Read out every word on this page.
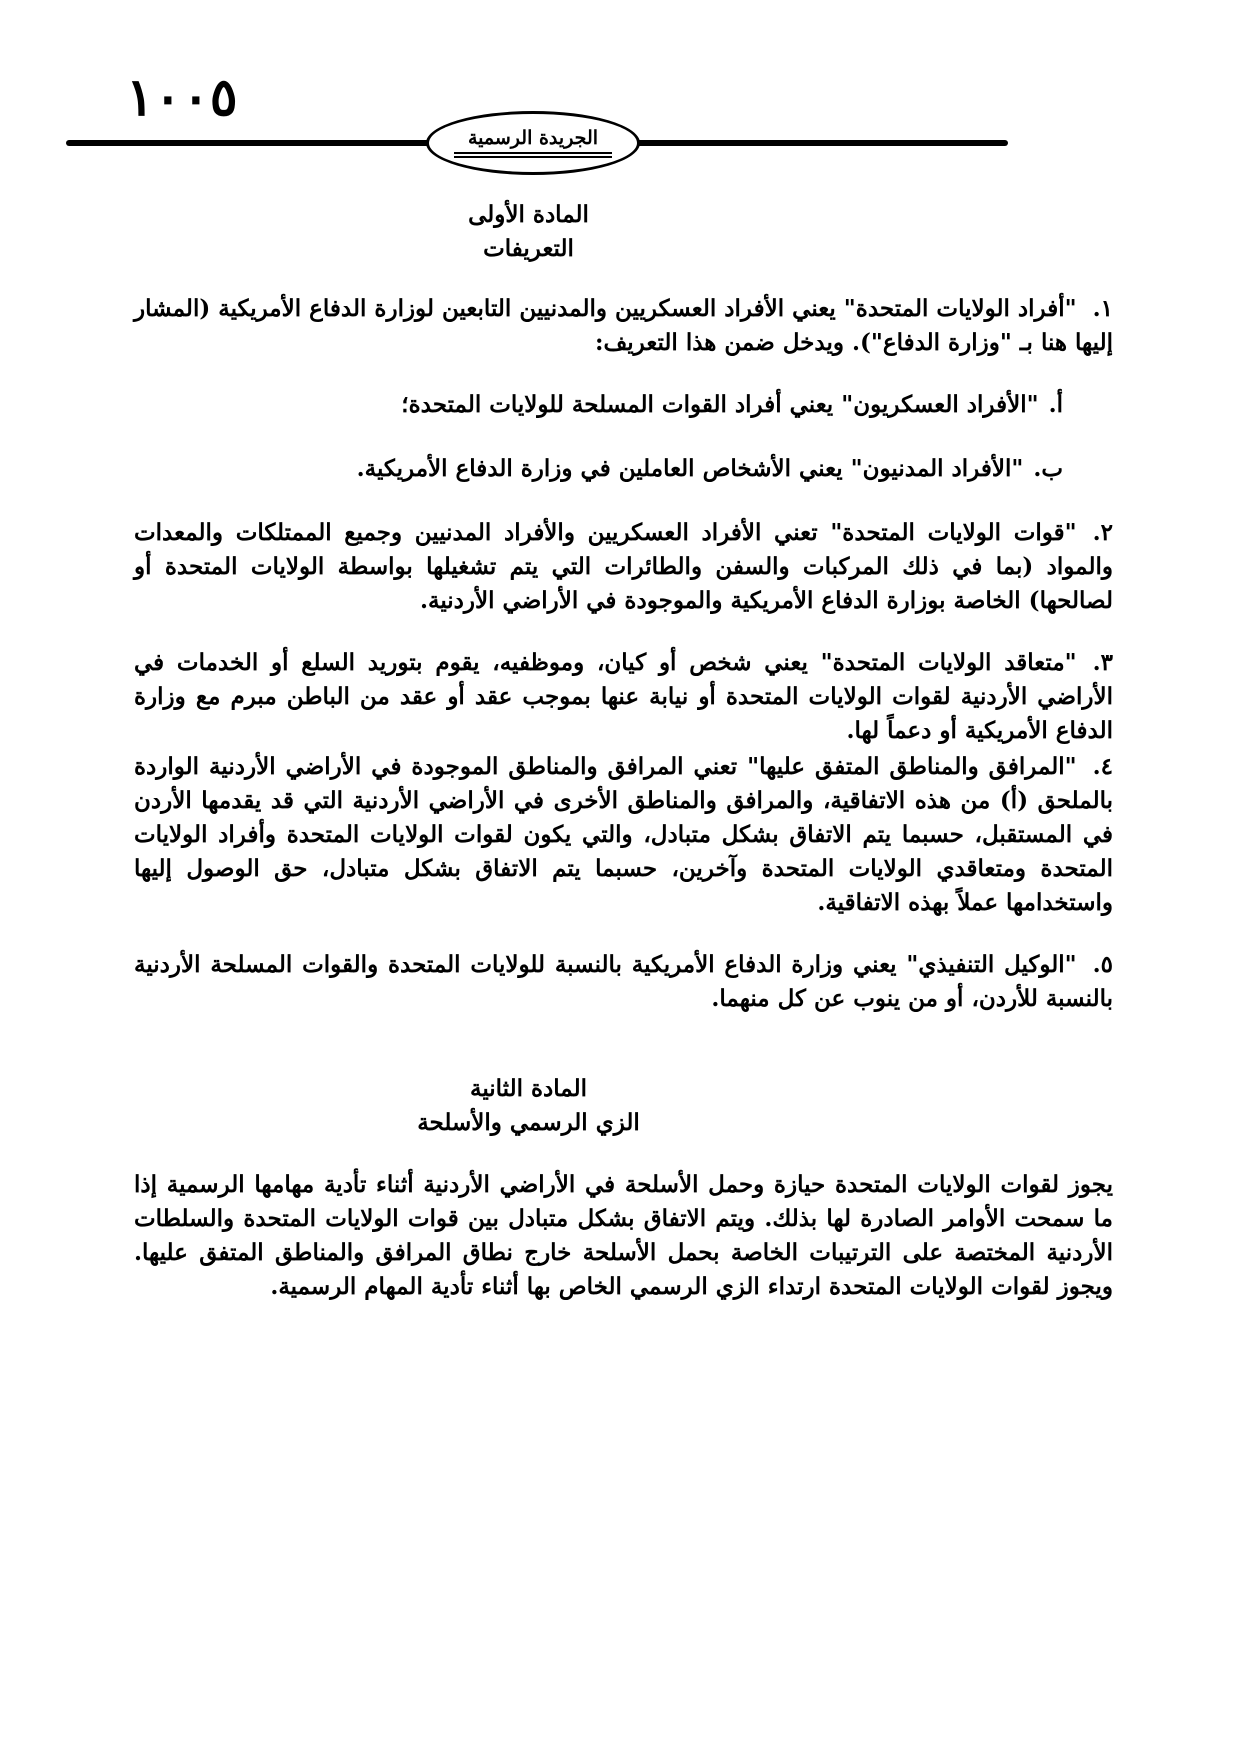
١٠٠٥
الجريدة الرسمية
المادة الأولى
التعريفات

١."أفراد الولايات المتحدة" يعني الأفراد العسكريين والمدنيين التابعين لوزارة الدفاع الأمريكية (المشار إليها هنا بـ "وزارة الدفاع"). ويدخل ضمن هذا التعريف:

أ."الأفراد العسكريون" يعني أفراد القوات المسلحة للولايات المتحدة؛

ب."الأفراد المدنيون" يعني الأشخاص العاملين في وزارة الدفاع الأمريكية.

٢."قوات الولايات المتحدة" تعني الأفراد العسكريين والأفراد المدنيين وجميع الممتلكات والمعدات والمواد (بما في ذلك المركبات والسفن والطائرات التي يتم تشغيلها بواسطة الولايات المتحدة أو لصالحها) الخاصة بوزارة الدفاع الأمريكية والموجودة في الأراضي الأردنية.

٣."متعاقد الولايات المتحدة" يعني شخص أو كيان، وموظفيه، يقوم بتوريد السلع أو الخدمات في الأراضي الأردنية لقوات الولايات المتحدة أو نيابة عنها بموجب عقد أو عقد من الباطن مبرم مع وزارة الدفاع الأمريكية أو دعماً لها.

٤."المرافق والمناطق المتفق عليها" تعني المرافق والمناطق الموجودة في الأراضي الأردنية الواردة بالملحق (أ) من هذه الاتفاقية، والمرافق والمناطق الأخرى في الأراضي الأردنية التي قد يقدمها الأردن في المستقبل، حسبما يتم الاتفاق بشكل متبادل، والتي يكون لقوات الولايات المتحدة وأفراد الولايات المتحدة ومتعاقدي الولايات المتحدة وآخرين، حسبما يتم الاتفاق بشكل متبادل، حق الوصول إليها واستخدامها عملاً بهذه الاتفاقية.

٥."الوكيل التنفيذي" يعني وزارة الدفاع الأمريكية بالنسبة للولايات المتحدة والقوات المسلحة الأردنية بالنسبة للأردن، أو من ينوب عن كل منهما.

المادة الثانية
الزي الرسمي والأسلحة

يجوز لقوات الولايات المتحدة حيازة وحمل الأسلحة في الأراضي الأردنية أثناء تأدية مهامها الرسمية إذا ما سمحت الأوامر الصادرة لها بذلك. ويتم الاتفاق بشكل متبادل بين قوات الولايات المتحدة والسلطات الأردنية المختصة على الترتيبات الخاصة بحمل الأسلحة خارج نطاق المرافق والمناطق المتفق عليها. ويجوز لقوات الولايات المتحدة ارتداء الزي الرسمي الخاص بها أثناء تأدية المهام الرسمية.
